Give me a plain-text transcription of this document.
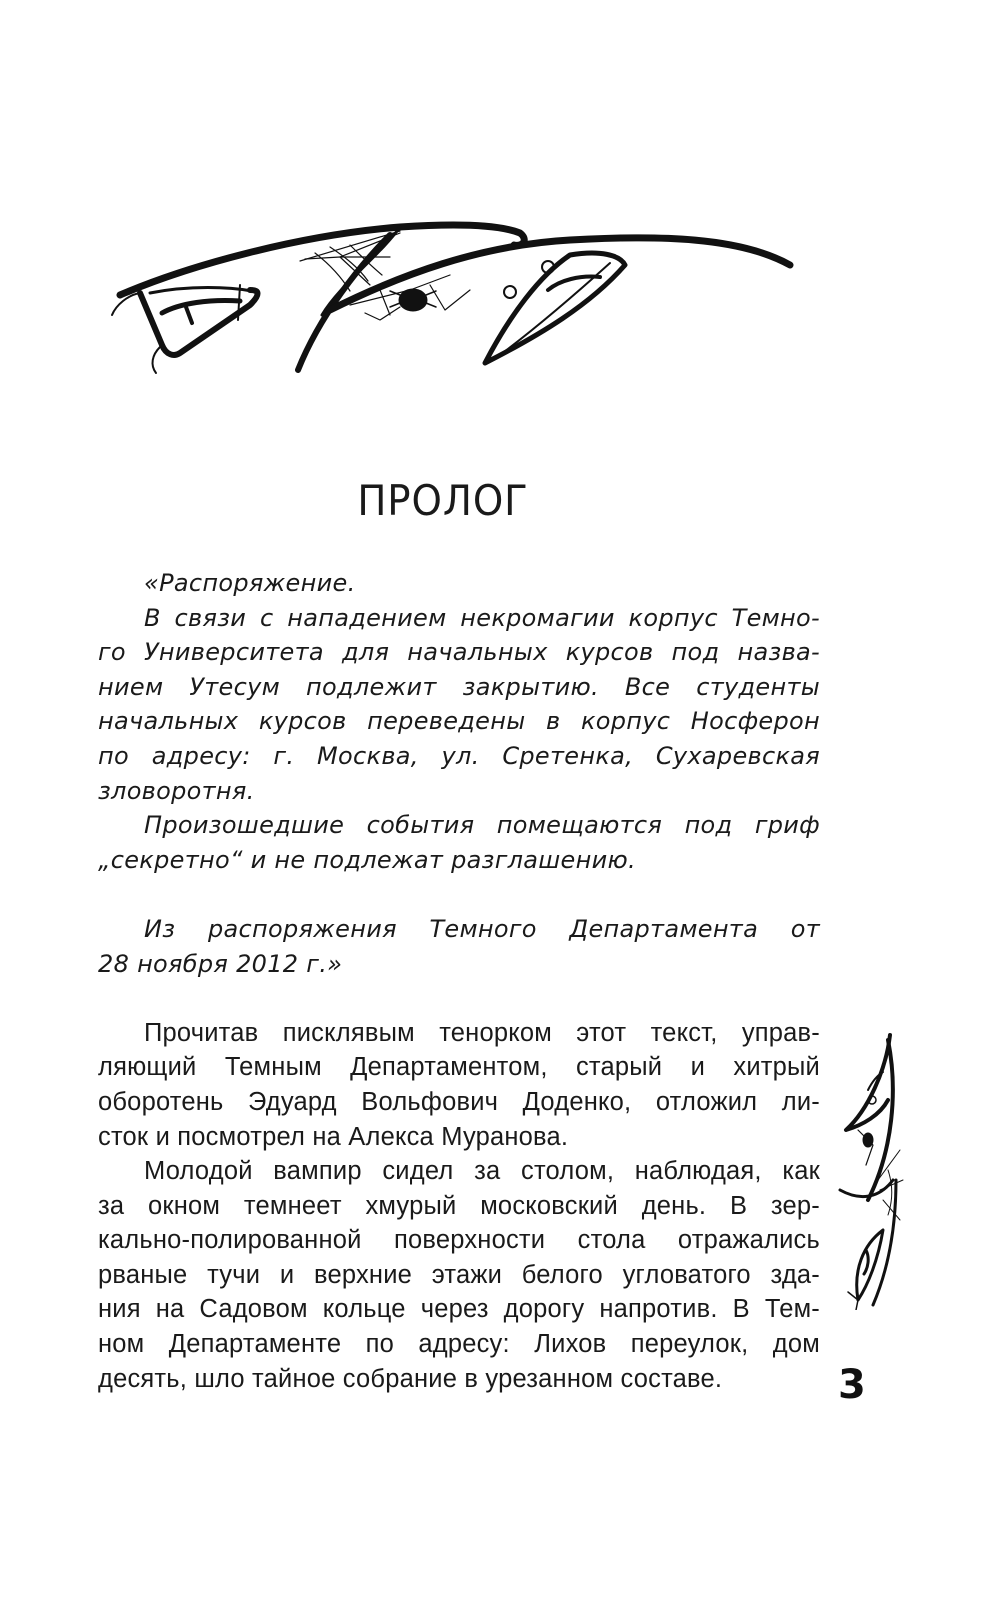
ПРОЛОГ
«Распоряжение.
В связи с нападением некромагии корпус Темно-
го Университета для начальных курсов под назва-
нием Утесум подлежит закрытию. Все студенты
начальных курсов переведены в корпус Носферон
по адресу: г. Москва, ул. Сретенка, Сухаревская
зловоротня.
Произошедшие события помещаются под гриф
„секретно“ и не подлежат разглашению.
Из распоряжения Темного Департамента от
28 ноября 2012 г.»
Прочитав писклявым тенорком этот текст, управ-
ляющий Темным Департаментом, старый и хитрый
оборотень Эдуард Вольфович Доденко, отложил ли-
сток и посмотрел на Алекса Муранова.
Молодой вампир сидел за столом, наблюдая, как
за окном темнеет хмурый московский день. В зер-
кально-полированной поверхности стола отражались
рваные тучи и верхние этажи белого угловатого зда-
ния на Садовом кольце через дорогу напротив. В Тем-
ном Департаменте по адресу: Лихов переулок, дом
десять, шло тайное собрание в урезанном составе.	3
